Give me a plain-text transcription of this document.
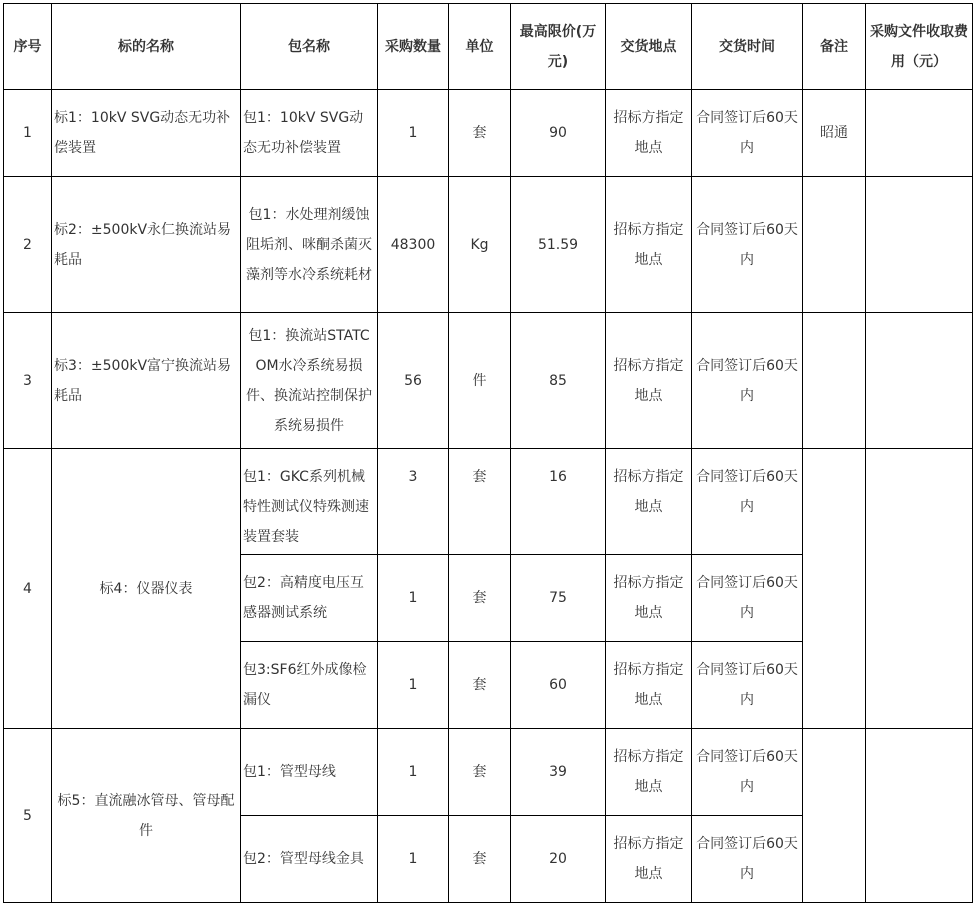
序号	标的名称	包名称	采购数量	单位	最高限价(万元)	交货地点	交货时间	备注	采购文件收取费用（元）
1	标1：10kV SVG动态无功补偿装置	包1：10kV SVG动态无功补偿装置	1	套	90	招标方指定地点	合同签订后60天内	昭通	
2	标2：±500kV永仁换流站易耗品	包1：水处理剂缓蚀阻垢剂、咪酮杀菌灭藻剂等水冷系统耗材	48300	Kg	51.59	招标方指定地点	合同签订后60天内		
3	标3：±500kV富宁换流站易耗品	包1：换流站STATCOM水冷系统易损件、换流站控制保护系统易损件	56	件	85	招标方指定地点	合同签订后60天内		
4	标4：仪器仪表	包1：GKC系列机械特性测试仪特殊测速装置套装	3	套	16	招标方指定地点	合同签订后60天内		
		包2：高精度电压互感器测试系统	1	套	75	招标方指定地点	合同签订后60天内		
		包3:SF6红外成像检漏仪	1	套	60	招标方指定地点	合同签订后60天内		
5	标5：直流融冰管母、管母配件	包1：管型母线	1	套	39	招标方指定地点	合同签订后60天内		
		包2：管型母线金具	1	套	20	招标方指定地点	合同签订后60天内		
